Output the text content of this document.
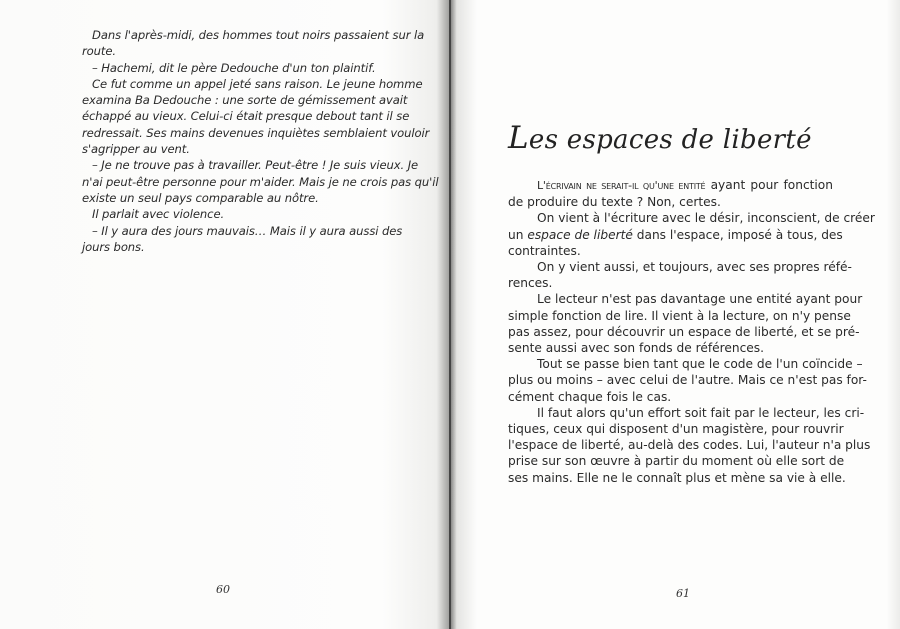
Dans l'après-midi, des hommes tout noirs passaient sur la
route.
– Hachemi, dit le père Dedouche d'un ton plaintif.
Ce fut comme un appel jeté sans raison. Le jeune homme
examina Ba Dedouche : une sorte de gémissement avait
échappé au vieux. Celui-ci était presque debout tant il se
redressait. Ses mains devenues inquiètes semblaient vouloir
s'agripper au vent.
– Je ne trouve pas à travailler. Peut-être ! Je suis vieux. Je
n'ai peut-être personne pour m'aider. Mais je ne crois pas qu'il
existe un seul pays comparable au nôtre.
Il parlait avec violence.
– Il y aura des jours mauvais… Mais il y aura aussi des
jours bons.
Les espaces de liberté
L'écrivain ne serait-il qu'une entité ayant pour fonction
de produire du texte ? Non, certes.
On vient à l'écriture avec le désir, inconscient, de créer
un espace de liberté dans l'espace, imposé à tous, des
contraintes.
On y vient aussi, et toujours, avec ses propres réfé-
rences.
Le lecteur n'est pas davantage une entité ayant pour
simple fonction de lire. Il vient à la lecture, on n'y pense
pas assez, pour découvrir un espace de liberté, et se pré-
sente aussi avec son fonds de références.
Tout se passe bien tant que le code de l'un coïncide –
plus ou moins – avec celui de l'autre. Mais ce n'est pas for-
cément chaque fois le cas.
Il faut alors qu'un effort soit fait par le lecteur, les cri-
tiques, ceux qui disposent d'un magistère, pour rouvrir
l'espace de liberté, au-delà des codes. Lui, l'auteur n'a plus
prise sur son œuvre à partir du moment où elle sort de
ses mains. Elle ne le connaît plus et mène sa vie à elle.
60	61
